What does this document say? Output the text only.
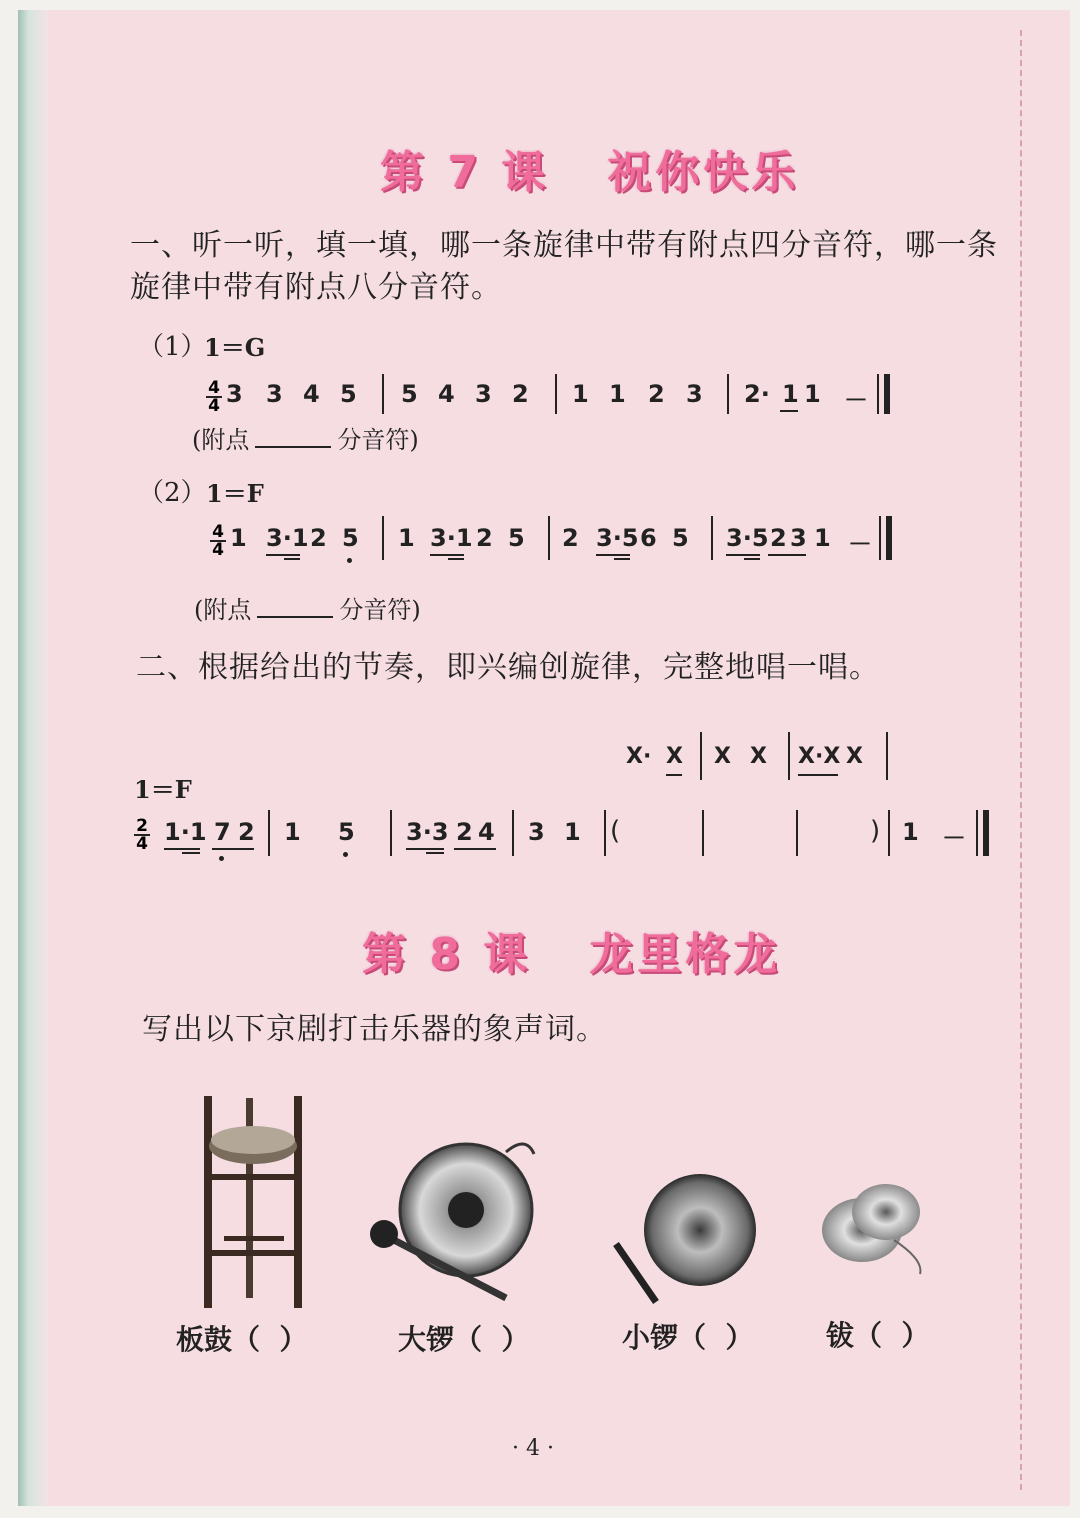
第 7 课   祝你快乐
一、听一听，填一填，哪一条旋律中带有附点四分音符，哪一条
旋律中带有附点八分音符。
（1）
1＝G
$\frac{4}{4} 3$ 3 4 5 5 4 3 2 1 1 2 3 2· 1 1 －
(附点	分音符)
（2） 1＝F
$\frac{4}{4} 1$ 3·1 2 5 1 3·1 2 5 2 3·5 6 5 3·5 2 3 1 －
(附点	分音符)
二、根据给出的节奏，即兴编创旋律，完整地唱一唱。
X· X X X X·X X
1＝F
$\frac{2}{4} 1\cdot 1$ 7 2 1 5 3·3 2 4 3 1 (	) 1 －
第 8 课   龙里格龙
写出以下京剧打击乐器的象声词。
板鼓（  ）	大锣（  ）	小锣（  ）	钹（  ）
· 4 ·
